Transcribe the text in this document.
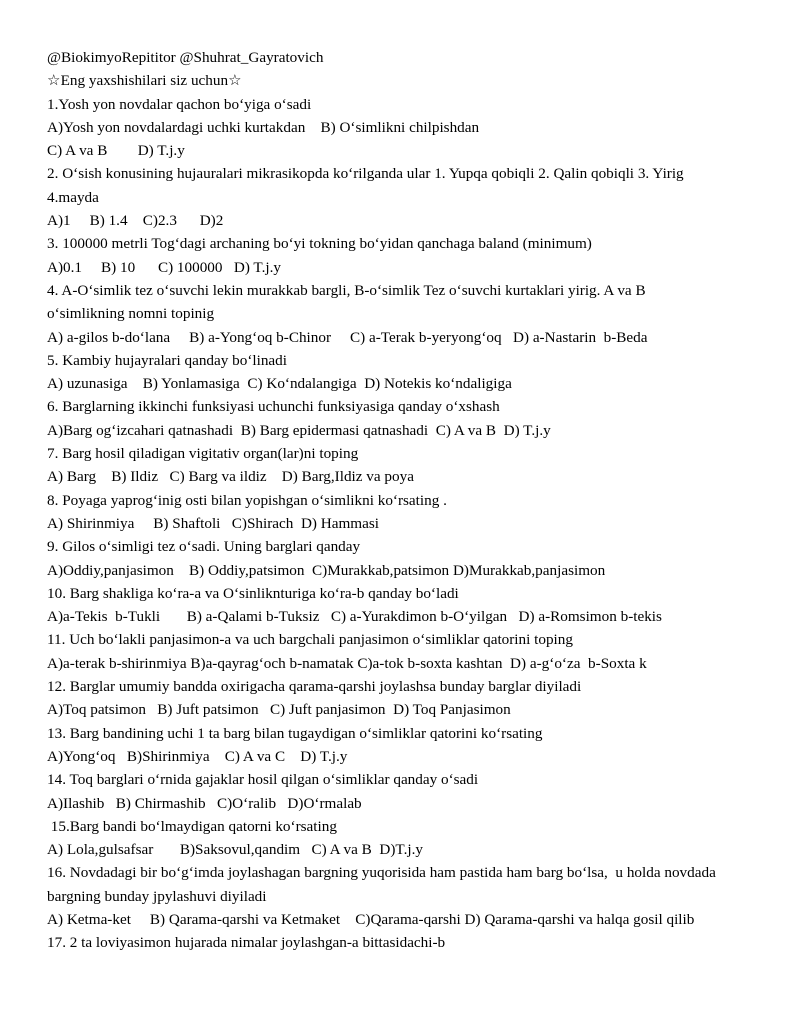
@BiokimyoRepititor @Shuhrat_Gayratovich

☆Eng yaxshishilari siz uchun☆

1.Yosh yon novdalar qachon bo‘yiga o‘sadi

A)Yosh yon novdalardagi uchki kurtakdan    B) O‘simlikni chilpishdan

C) A va B        D) T.j.y

2. O‘sish konusining hujauralari mikrasikopda ko‘rilganda ular 1. Yupqa qobiqli 2. Qalin qobiqli 3. Yirig

4.mayda

A)1     B) 1.4    C)2.3      D)2

3. 100000 metrli Tog‘dagi archaning bo‘yi tokning bo‘yidan qanchaga baland (minimum)

A)0.1     B) 10      C) 100000   D) T.j.y

4. A-O‘simlik tez o‘suvchi lekin murakkab bargli, B-o‘simlik Tez o‘suvchi kurtaklari yirig. A va B

o‘simlikning nomni topinig

A) a-gilos b-do‘lana     B) a-Yong‘oq b-Chinor     C) a-Terak b-yeryong‘oq   D) a-Nastarin  b-Beda

5. Kambiy hujayralari qanday bo‘linadi

A) uzunasiga    B) Yonlamasiga  C) Ko‘ndalangiga  D) Notekis ko‘ndaligiga

6. Barglarning ikkinchi funksiyasi uchunchi funksiyasiga qanday o‘xshash

A)Barg og‘izcahari qatnashadi  B) Barg epidermasi qatnashadi  C) A va B  D) T.j.y

7. Barg hosil qiladigan vigitativ organ(lar)ni toping

A) Barg    B) Ildiz   C) Barg va ildiz    D) Barg,Ildiz va poya

8. Poyaga yaprog‘inig osti bilan yopishgan o‘simlikni ko‘rsating .

A) Shirinmiya     B) Shaftoli   C)Shirach  D) Hammasi

9. Gilos o‘simligi tez o‘sadi. Uning barglari qanday

A)Oddiy,panjasimon    B) Oddiy,patsimon  C)Murakkab,patsimon D)Murakkab,panjasimon

10. Barg shakliga ko‘ra-a va O‘sinliknturiga ko‘ra-b qanday bo‘ladi

A)a-Tekis  b-Tukli       B) a-Qalami b-Tuksiz   C) a-Yurakdimon b-O‘yilgan   D) a-Romsimon b-tekis

11. Uch bo‘lakli panjasimon-a va uch bargchali panjasimon o‘simliklar qatorini toping

A)a-terak b-shirinmiya B)a-qayrag‘och b-namatak C)a-tok b-soxta kashtan  D) a-g‘o‘za  b-Soxta k

12. Barglar umumiy bandda oxirigacha qarama-qarshi joylashsa bunday barglar diyiladi

A)Toq patsimon   B) Juft patsimon   C) Juft panjasimon  D) Toq Panjasimon

13. Barg bandining uchi 1 ta barg bilan tugaydigan o‘simliklar qatorini ko‘rsating

A)Yong‘oq   B)Shirinmiya    C) A va C    D) T.j.y

14. Toq barglari o‘rnida gajaklar hosil qilgan o‘simliklar qanday o‘sadi

A)Ilashib   B) Chirmashib   C)O‘ralib   D)O‘rmalab

15.Barg bandi bo‘lmaydigan qatorni ko‘rsating

A) Lola,gulsafsar       B)Saksovul,qandim   C) A va B  D)T.j.y

16. Novdadagi bir bo‘g‘imda joylashagan bargning yuqorisida ham pastida ham barg bo‘lsa,  u holda novdada

bargning bunday jpylashuvi diyiladi

A) Ketma-ket     B) Qarama-qarshi va Ketmaket    C)Qarama-qarshi D) Qarama-qarshi va halqa gosil qilib

17. 2 ta loviyasimon hujarada nimalar joylashgan-a bittasidachi-b
